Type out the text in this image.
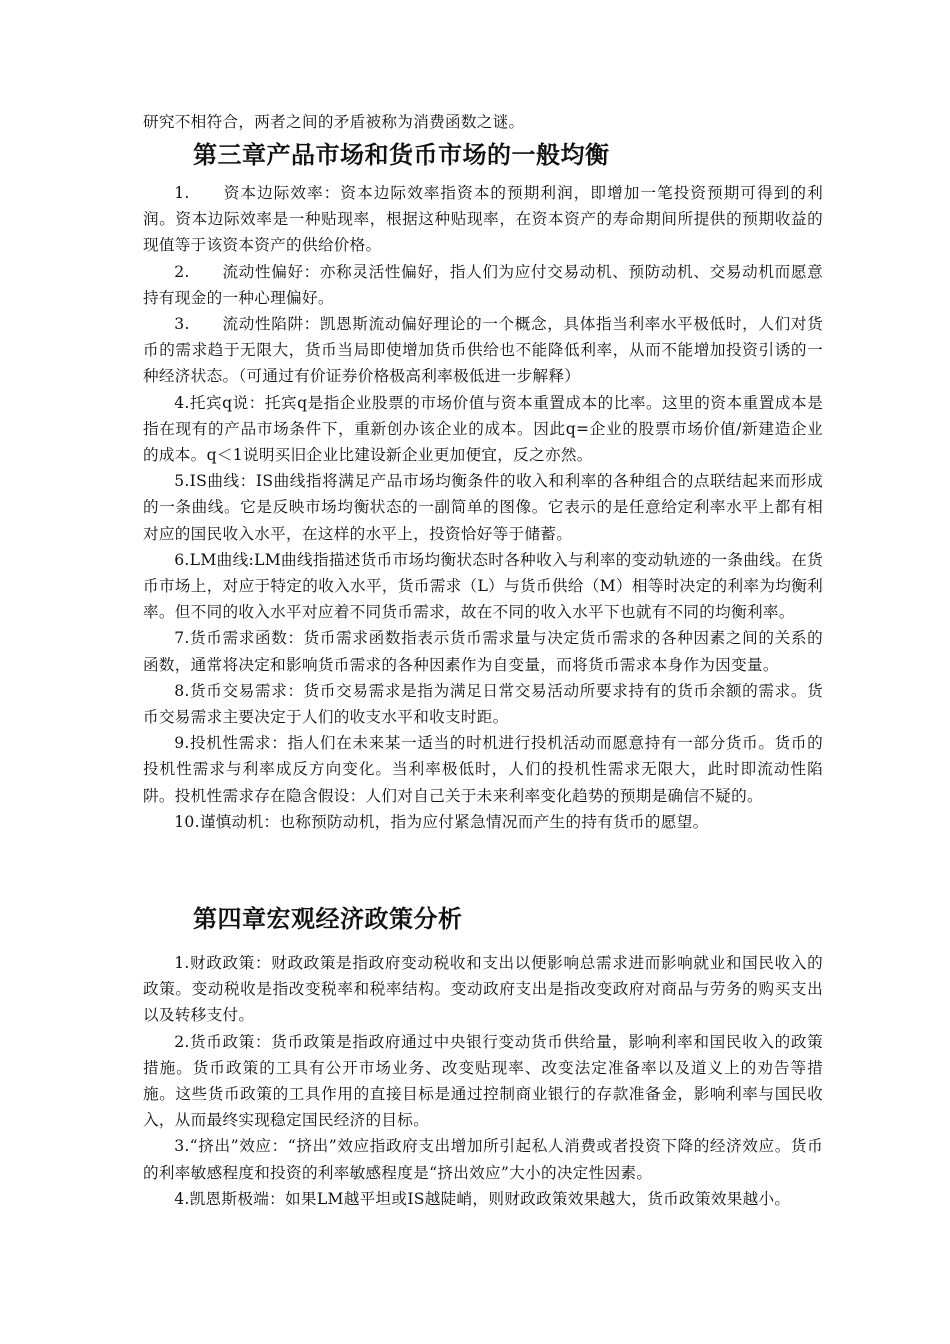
研究不相符合，两者之间的矛盾被称为消费函数之谜。

第三章产品市场和货币市场的一般均衡

1.　　资本边际效率：资本边际效率指资本的预期利润，即增加一笔投资预期可得到的利润。资本边际效率是一种贴现率，根据这种贴现率，在资本资产的寿命期间所提供的预期收益的现值等于该资本资产的供给价格。

2.　　流动性偏好：亦称灵活性偏好，指人们为应付交易动机、预防动机、交易动机而愿意持有现金的一种心理偏好。

3.　　流动性陷阱：凯恩斯流动偏好理论的一个概念，具体指当利率水平极低时，人们对货币的需求趋于无限大，货币当局即使增加货币供给也不能降低利率，从而不能增加投资引诱的一种经济状态。（可通过有价证券价格极高利率极低进一步解释）

4.托宾q说：托宾q是指企业股票的市场价值与资本重置成本的比率。这里的资本重置成本是指在现有的产品市场条件下，重新创办该企业的成本。因此q=企业的股票市场价值/新建造企业的成本。q＜1说明买旧企业比建设新企业更加便宜，反之亦然。

5.IS曲线：IS曲线指将满足产品市场均衡条件的收入和利率的各种组合的点联结起来而形成的一条曲线。它是反映市场均衡状态的一副简单的图像。它表示的是任意给定利率水平上都有相对应的国民收入水平，在这样的水平上，投资恰好等于储蓄。

6.LM曲线:LM曲线指描述货币市场均衡状态时各种收入与利率的变动轨迹的一条曲线。在货币市场上，对应于特定的收入水平，货币需求（L）与货币供给（M）相等时决定的利率为均衡利率。但不同的收入水平对应着不同货币需求，故在不同的收入水平下也就有不同的均衡利率。

7.货币需求函数：货币需求函数指表示货币需求量与决定货币需求的各种因素之间的关系的函数，通常将决定和影响货币需求的各种因素作为自变量，而将货币需求本身作为因变量。

8.货币交易需求：货币交易需求是指为满足日常交易活动所要求持有的货币余额的需求。货币交易需求主要决定于人们的收支水平和收支时距。

9.投机性需求：指人们在未来某一适当的时机进行投机活动而愿意持有一部分货币。货币的投机性需求与利率成反方向变化。当利率极低时，人们的投机性需求无限大，此时即流动性陷阱。投机性需求存在隐含假设：人们对自己关于未来利率变化趋势的预期是确信不疑的。

10.谨慎动机：也称预防动机，指为应付紧急情况而产生的持有货币的愿望。

第四章宏观经济政策分析

1.财政政策：财政政策是指政府变动税收和支出以便影响总需求进而影响就业和国民收入的政策。变动税收是指改变税率和税率结构。变动政府支出是指改变政府对商品与劳务的购买支出以及转移支付。

2.货币政策：货币政策是指政府通过中央银行变动货币供给量，影响利率和国民收入的政策措施。货币政策的工具有公开市场业务、改变贴现率、改变法定准备率以及道义上的劝告等措施。这些货币政策的工具作用的直接目标是通过控制商业银行的存款准备金，影响利率与国民收入，从而最终实现稳定国民经济的目标。

3.“挤出”效应：“挤出”效应指政府支出增加所引起私人消费或者投资下降的经济效应。货币的利率敏感程度和投资的利率敏感程度是“挤出效应”大小的决定性因素。

4.凯恩斯极端：如果LM越平坦或IS越陡峭，则财政政策效果越大，货币政策效果越小。
